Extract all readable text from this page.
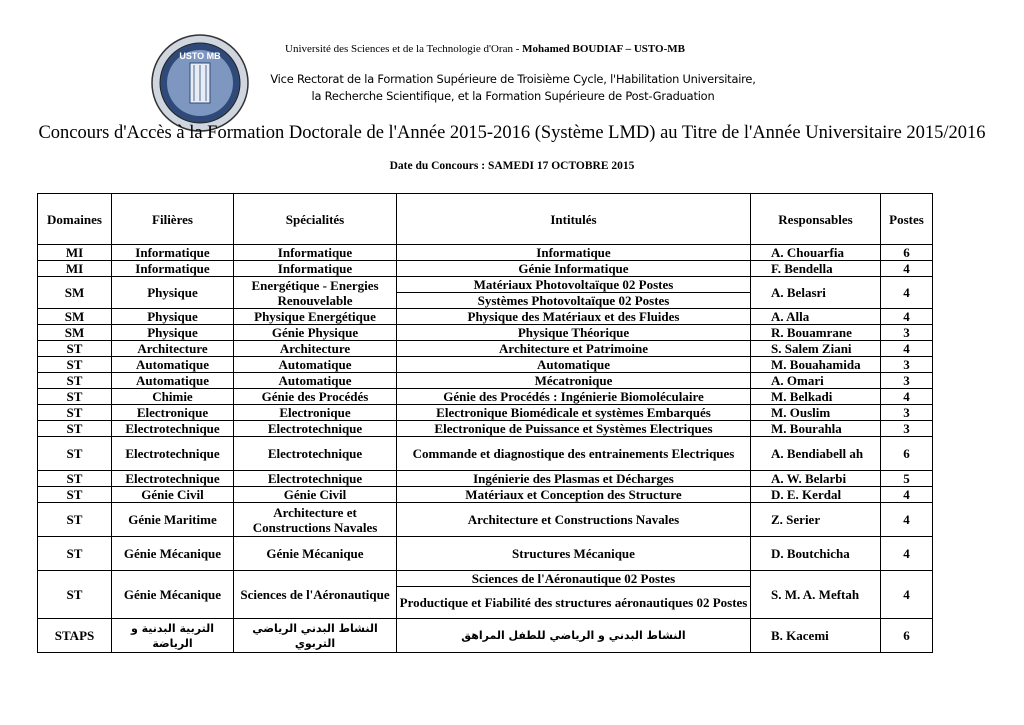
USTO MB
Université des Sciences et de la Technologie d'Oran - Mohamed BOUDIAF – USTO-MB
Vice Rectorat de la Formation Supérieure de Troisième Cycle, l'Habilitation Universitaire,
la Recherche Scientifique, et la Formation Supérieure de Post-Graduation
Concours d'Accès à la Formation Doctorale de l'Année 2015-2016 (Système LMD) au Titre de l'Année Universitaire 2015/2016
Date du Concours : SAMEDI 17 OCTOBRE 2015
Domaines	Filières	Spécialités	Intitulés	Responsables	Postes
MI	Informatique	Informatique	Informatique	A. Chouarfia	6
MI	Informatique	Informatique	Génie Informatique	F. Bendella	4
SM	Physique	Energétique - Energies Renouvelable	Matériaux Photovoltaïque 02 Postes	A. Belasri	4
			Systèmes Photovoltaïque 02 Postes		
SM	Physique	Physique Energétique	Physique des Matériaux et des Fluides	A. Alla	4
SM	Physique	Génie Physique	Physique Théorique	R. Bouamrane	3
ST	Architecture	Architecture	Architecture et Patrimoine	S. Salem Ziani	4
ST	Automatique	Automatique	Automatique	M. Bouahamida	3
ST	Automatique	Automatique	Mécatronique	A. Omari	3
ST	Chimie	Génie des Procédés	Génie des Procédés : Ingénierie Biomoléculaire	M. Belkadi	4
ST	Electronique	Electronique	Electronique Biomédicale et systèmes Embarqués	M. Ouslim	3
ST	Electrotechnique	Electrotechnique	Electronique de Puissance et Systèmes Electriques	M. Bourahla	3
ST	Electrotechnique	Electrotechnique	Commande et diagnostique des entrainements Electriques	A. Bendiabell ah	6
ST	Electrotechnique	Electrotechnique	Ingénierie des Plasmas et Décharges	A. W. Belarbi	5
ST	Génie Civil	Génie Civil	Matériaux et Conception des Structure	D. E. Kerdal	4
ST	Génie Maritime	Architecture et Constructions Navales	Architecture et Constructions Navales	Z. Serier	4
ST	Génie Mécanique	Génie Mécanique	Structures Mécanique	D. Boutchicha	4
ST	Génie Mécanique	Sciences de l'Aéronautique	Sciences de l'Aéronautique 02 Postes	S. M. A. Meftah	4
			Productique et Fiabilité des structures aéronautiques 02 Postes		
STAPS	التربية البدنية و الرياضة	النشاط البدني الرياضي التربوي	النشاط البدني و الرياضي للطفل المراهق	B. Kacemi	6
